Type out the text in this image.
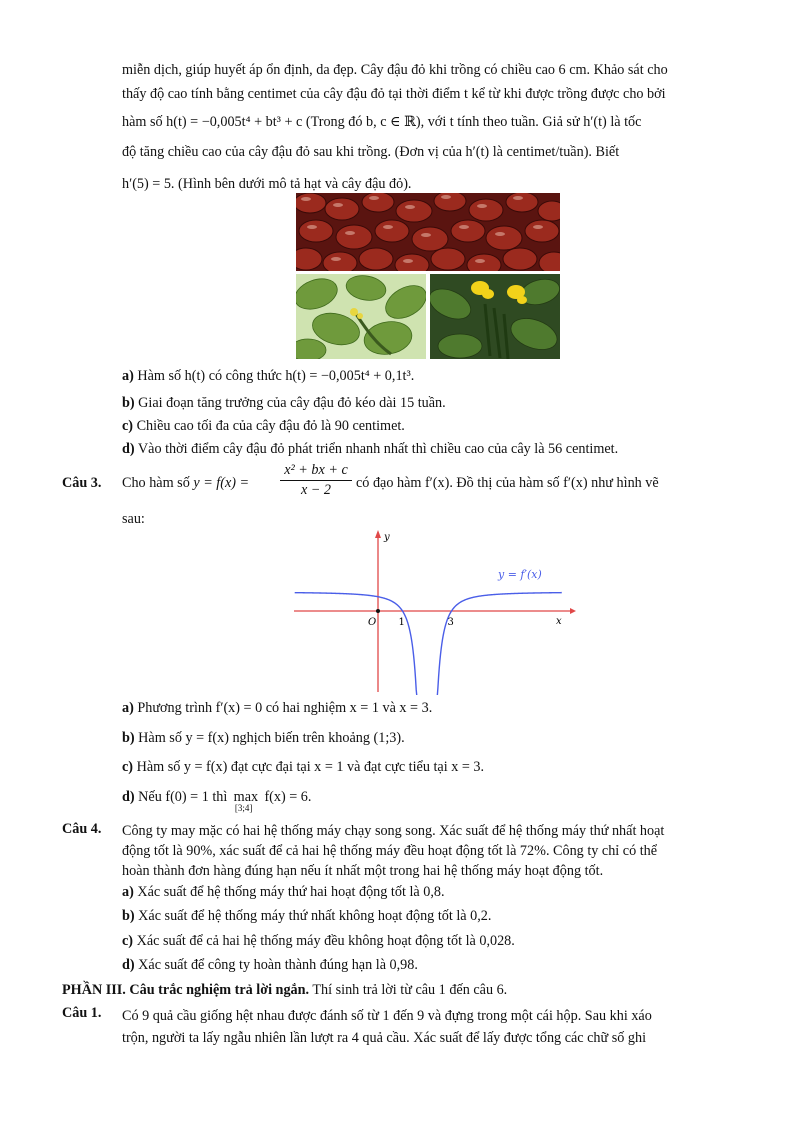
miễn dịch, giúp huyết áp ổn định, da đẹp. Cây đậu đỏ khi trồng có chiều cao 6 cm. Khảo sát cho
thấy độ cao tính bằng centimet của cây đậu đỏ tại thời điểm t kể từ khi được trồng được cho bởi
hàm số h(t) = −0,005t⁴ + bt³ + c (Trong đó b, c ∈ ℝ), với t tính theo tuần. Giả sử h′(t) là tốc
độ tăng chiều cao của cây đậu đỏ sau khi trồng. (Đơn vị của h′(t) là centimet/tuần). Biết
h′(5) = 5. (Hình bên dưới mô tả hạt và cây đậu đỏ).
a) Hàm số h(t) có công thức h(t) = −0,005t⁴ + 0,1t³.
b) Giai đoạn tăng trưởng của cây đậu đỏ kéo dài 15 tuần.
c) Chiều cao tối đa của cây đậu đỏ là 90 centimet.
d) Vào thời điểm cây đậu đỏ phát triển nhanh nhất thì chiều cao của cây là 56 centimet.
Câu 3. Cho hàm số $y = f(x) = \frac{\text{x² + bx + c}}{x - 2}$ có đạo hàm f′(x). Đồ thị của hàm số f′(x) như hình vẽ
sau:
y
x
O 1	3
y = f′(x)
a) Phương trình f′(x) = 0 có hai nghiệm x = 1 và x = 3.
b) Hàm số y = f(x) nghịch biến trên khoảng (1;3).
c) Hàm số y = f(x) đạt cực đại tại x = 1 và đạt cực tiểu tại x = 3.
d) Nếu f(0) = 1 thì max
[3;4]
f(x) = 6.
Câu 4. Công ty may mặc có hai hệ thống máy chạy song song. Xác suất để hệ thống máy thứ nhất hoạt
động tốt là 90%, xác suất để cả hai hệ thống máy đều hoạt động tốt là 72%. Công ty chỉ có thể
hoàn thành đơn hàng đúng hạn nếu ít nhất một trong hai hệ thống máy hoạt động tốt.
a) Xác suất để hệ thống máy thứ hai hoạt động tốt là 0,8.
b) Xác suất để hệ thống máy thứ nhất không hoạt động tốt là 0,2.
c) Xác suất để cả hai hệ thống máy đều không hoạt động tốt là 0,028.
d) Xác suất để công ty hoàn thành đúng hạn là 0,98.
PHẦN III. Câu trắc nghiệm trả lời ngắn. Thí sinh trả lời từ câu 1 đến câu 6.
Câu 1. Có 9 quả cầu giống hệt nhau được đánh số từ 1 đến 9 và đựng trong một cái hộp. Sau khi xáo
trộn, người ta lấy ngẫu nhiên lần lượt ra 4 quả cầu. Xác suất để lấy được tổng các chữ số ghi
